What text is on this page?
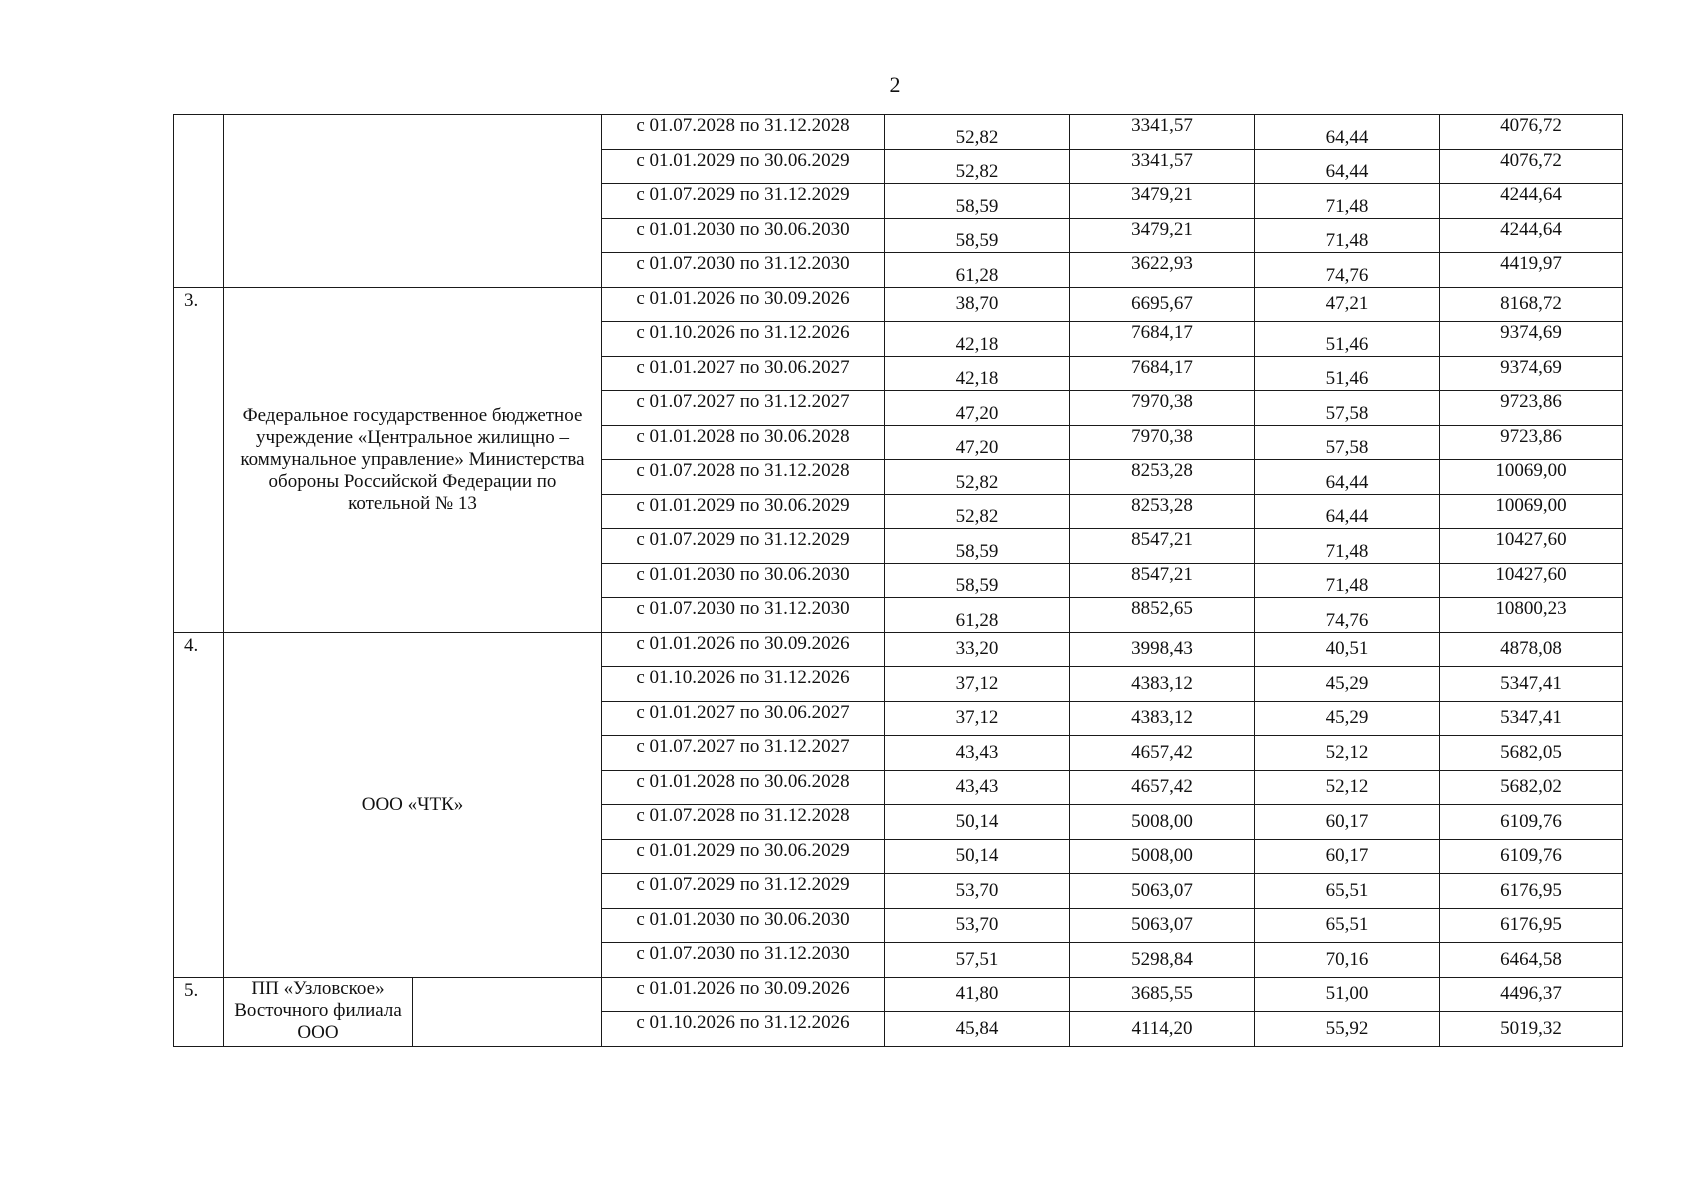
2
			с 01.07.2028 по 31.12.2028	52,82	3341,57	64,44	4076,72
			с 01.01.2029 по 30.06.2029	52,82	3341,57	64,44	4076,72
			с 01.07.2029 по 31.12.2029	58,59	3479,21	71,48	4244,64
			с 01.01.2030 по 30.06.2030	58,59	3479,21	71,48	4244,64
			с 01.07.2030 по 31.12.2030	61,28	3622,93	74,76	4419,97
3.	Федеральное государственное бюджетное учреждение «Центральное жилищно – коммунальное управление» Министерства обороны Российской Федерации по котельной № 13		с 01.01.2026 по 30.09.2026	38,70	6695,67	47,21	8168,72
			с 01.10.2026 по 31.12.2026	42,18	7684,17	51,46	9374,69
			с 01.01.2027 по 30.06.2027	42,18	7684,17	51,46	9374,69
			с 01.07.2027 по 31.12.2027	47,20	7970,38	57,58	9723,86
			с 01.01.2028 по 30.06.2028	47,20	7970,38	57,58	9723,86
			с 01.07.2028 по 31.12.2028	52,82	8253,28	64,44	10069,00
			с 01.01.2029 по 30.06.2029	52,82	8253,28	64,44	10069,00
			с 01.07.2029 по 31.12.2029	58,59	8547,21	71,48	10427,60
			с 01.01.2030 по 30.06.2030	58,59	8547,21	71,48	10427,60
			с 01.07.2030 по 31.12.2030	61,28	8852,65	74,76	10800,23
4.	ООО «ЧТК»		с 01.01.2026 по 30.09.2026	33,20	3998,43	40,51	4878,08
			с 01.10.2026 по 31.12.2026	37,12	4383,12	45,29	5347,41
			с 01.01.2027 по 30.06.2027	37,12	4383,12	45,29	5347,41
			с 01.07.2027 по 31.12.2027	43,43	4657,42	52,12	5682,05
			с 01.01.2028 по 30.06.2028	43,43	4657,42	52,12	5682,02
			с 01.07.2028 по 31.12.2028	50,14	5008,00	60,17	6109,76
			с 01.01.2029 по 30.06.2029	50,14	5008,00	60,17	6109,76
			с 01.07.2029 по 31.12.2029	53,70	5063,07	65,51	6176,95
			с 01.01.2030 по 30.06.2030	53,70	5063,07	65,51	6176,95
			с 01.07.2030 по 31.12.2030	57,51	5298,84	70,16	6464,58
5.	ПП «Узловское» Восточного филиала ООО		с 01.01.2026 по 30.09.2026	41,80	3685,55	51,00	4496,37
			с 01.10.2026 по 31.12.2026	45,84	4114,20	55,92	5019,32
